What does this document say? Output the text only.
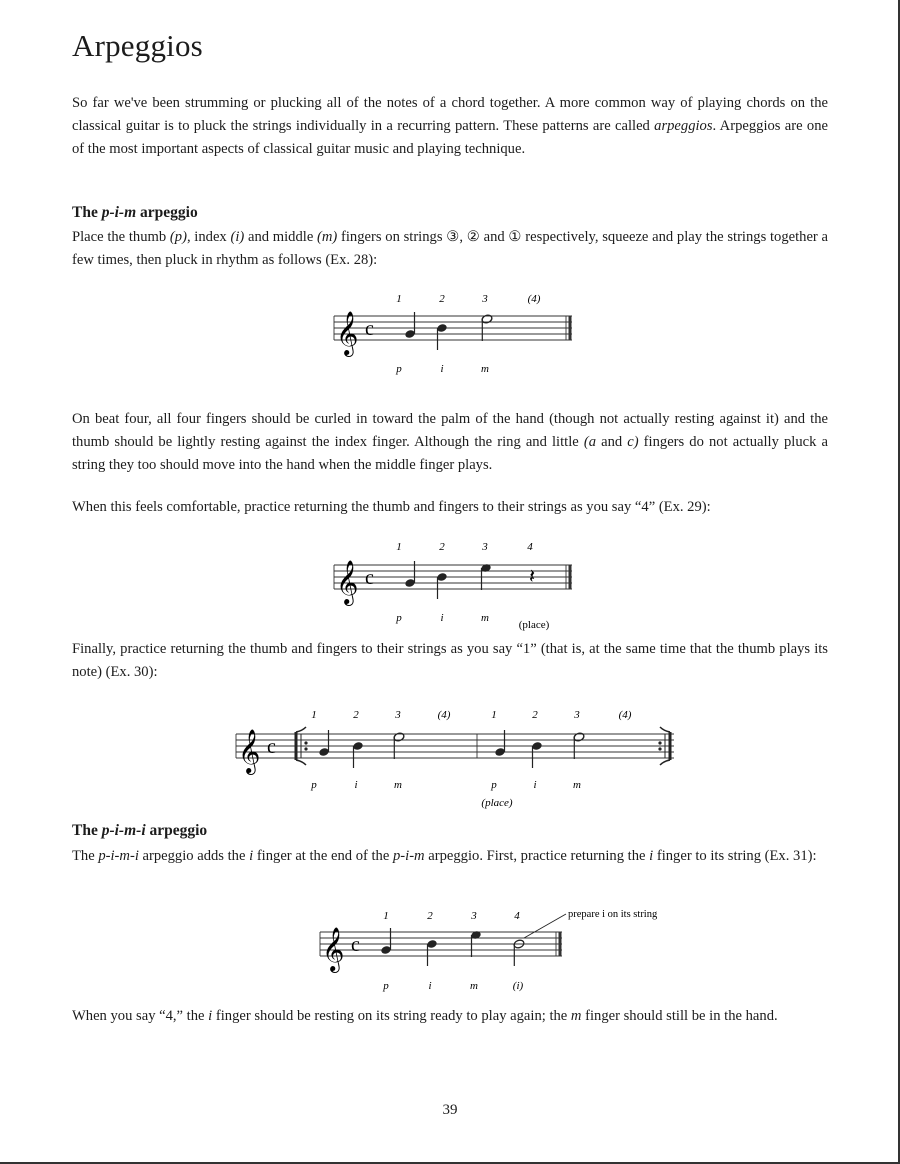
Arpeggios

So far we've been strumming or plucking all of the notes of a chord together. A more common way of playing chords on the classical guitar is to pluck the strings individually in a recurring pattern. These patterns are called arpeggios. Arpeggios are one of the most important aspects of classical guitar music and playing technique.

The p-i-m arpeggio

Place the thumb (p), index (i) and middle (m) fingers on strings ③, ② and ① respectively, squeeze and play the strings together a few times, then pluck in rhythm as follows (Ex. 28):

𝄞 c
1	2	3	(4)
p	i	m

On beat four, all four fingers should be curled in toward the palm of the hand (though not actually resting against it) and the thumb should be lightly resting against the index finger. Although the ring and little (a and c) fingers do not actually pluck a string they too should move into the hand when the middle finger plays.

When this feels comfortable, practice returning the thumb and fingers to their strings as you say “4” (Ex. 29):

𝄞 c	𝄽
1	2	3	4
p	i	m
(place)

Finally, practice returning the thumb and fingers to their strings as you say “1” (that is, at the same time that the thumb plays its note) (Ex. 30):

𝄞 c
1	2	3	(4)	1	2	3	(4)
p	i	m	p	i	m
(place)

The p-i-m-i arpeggio

The p-i-m-i arpeggio adds the i finger at the end of the p-i-m arpeggio. First, practice returning the i finger to its string (Ex. 31):

𝄞 c
prepare i on its string
1	2	3	4
p	i	m	(i)

When you say “4,” the i finger should be resting on its string ready to play again; the m finger should still be in the hand.

39
